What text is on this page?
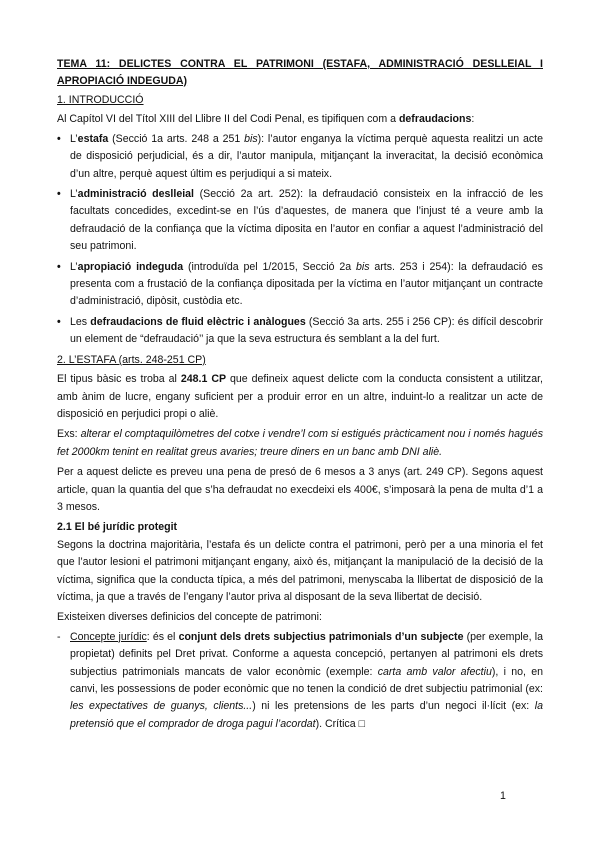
TEMA 11: DELICTES CONTRA EL PATRIMONI (ESTAFA, ADMINISTRACIÓ DESLLEIAL I APROPIACIÓ INDEGUDA)

1. INTRODUCCIÓ

Al Capítol VI del Títol XIII del Llibre II del Codi Penal, es tipifiquen com a defraudacions:

• L’estafa (Secció 1a arts. 248 a 251 bis): l’autor enganya la víctima perquè aquesta realitzi un acte de disposició perjudicial, és a dir, l’autor manipula, mitjançant la inveracitat, la decisió econòmica d’un altre, perquè aquest últim es perjudiqui a si mateix.
• L’administració deslleial (Secció 2a art. 252): la defraudació consisteix en la infracció de les facultats concedides, excedint-se en l’ús d’aquestes, de manera que l’injust té a veure amb la defraudació de la confiança que la víctima diposita en l’autor en confiar a aquest l’administració del seu patrimoni.
• L’apropiació indeguda (introduïda pel 1/2015, Secció 2a bis arts. 253 i 254): la defraudació es presenta com a frustació de la confiança dipositada per la víctima en l’autor mitjançant un contracte d’administració, dipòsit, custòdia etc.
• Les defraudacions de fluid elèctric i anàlogues (Secció 3a arts. 255 i 256 CP): és difícil descobrir un element de “defraudació’’ ja que la seva estructura és semblant a la del furt.

2. L’ESTAFA (arts. 248-251 CP)

El tipus bàsic es troba al 248.1 CP que defineix aquest delicte com la conducta consistent a utilitzar, amb ànim de lucre, engany suficient per a produir error en un altre, induint-lo a realitzar un acte de disposició en perjudici propi o aliè.

Exs: alterar el comptaquilòmetres del cotxe i vendre’l com si estigués pràcticament nou i només hagués fet 2000km tenint en realitat greus avaries; treure diners en un banc amb DNI aliè.

Per a aquest delicte es preveu una pena de presó de 6 mesos a 3 anys (art. 249 CP). Segons aquest article, quan la quantia del que s’ha defraudat no execdeixi els 400€, s’imposarà la pena de multa d’1 a 3 mesos.

2.1 El bé jurídic protegit

Segons la doctrina majoritària, l’estafa és un delicte contra el patrimoni, però per a una minoria el fet que l’autor lesioni el patrimoni mitjançant engany, això és, mitjançant la manipulació de la decisió de la víctima, significa que la conducta típica, a més del patrimoni, menyscaba la llibertat de disposició de la víctima, ja que a través de l’engany l’autor priva al disposant de la seva llibertat de decisió.

Existeixen diverses definicios del concepte de patrimoni:

- Concepte jurídic: és el conjunt dels drets subjectius patrimonials d’un subjecte (per exemple, la propietat) definits pel Dret privat. Conforme a aquesta concepció, pertanyen al patrimoni els drets subjectius patrimonials mancats de valor econòmic (exemple: carta amb valor afectiu), i no, en canvi, les possessions de poder econòmic que no tenen la condició de dret subjectiu patrimonial (ex: les expectatives de guanys, clients...) ni les pretensions de les parts d’un negoci il·lícit (ex: la pretensió que el comprador de droga pagui l’acordat). Crítica □
1
